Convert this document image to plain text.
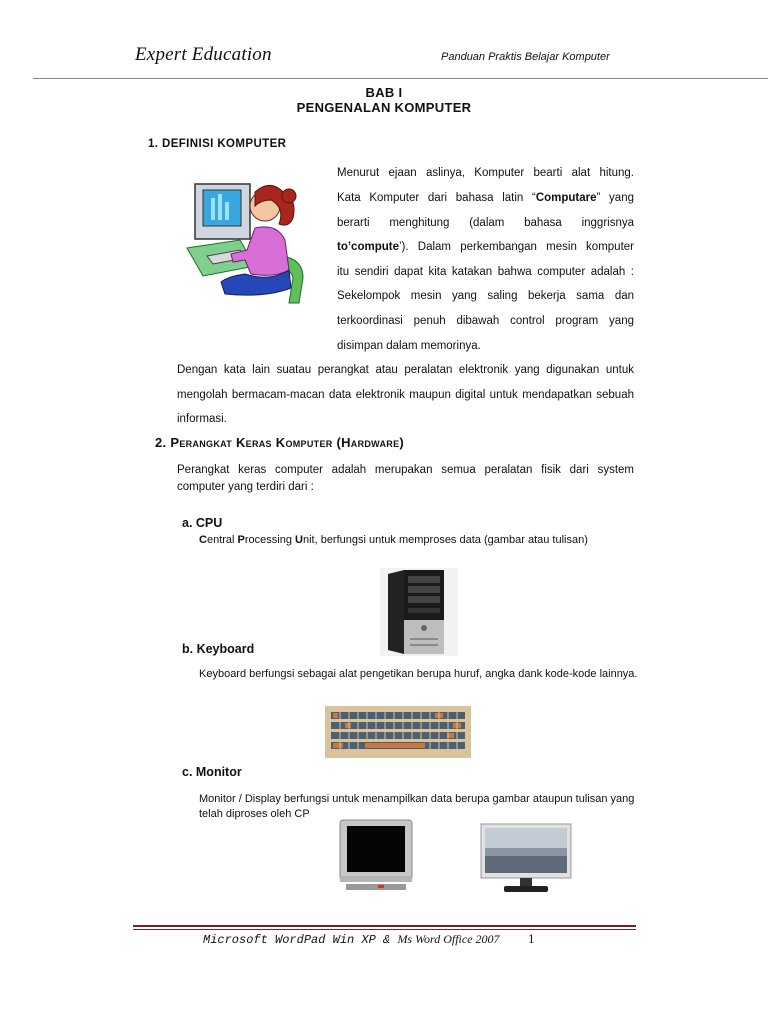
Expert Education	Panduan Praktis Belajar Komputer
BAB I
PENGENALAN KOMPUTER
1. DEFINISI KOMPUTER
Menurut ejaan aslinya, Komputer bearti alat hitung.
Kata Komputer dari bahasa latin “Computare” yang
berarti menghitung (dalam bahasa inggrisnya
to’compute’). Dalam perkembangan mesin komputer
itu sendiri dapat kita katakan bahwa computer adalah :
Sekelompok mesin yang saling bekerja sama dan
terkoordinasi penuh dibawah control program yang
disimpan dalam memorinya.
Dengan kata lain suatau perangkat atau peralatan elektronik yang digunakan untuk mengolah bermacam-macan data elektronik maupun digital untuk mendapatkan sebuah informasi.
2. Perangkat Keras Komputer (Hardware)
Perangkat keras computer adalah merupakan semua peralatan fisik dari system computer yang terdiri dari :
a. CPU
Central Processing Unit, berfungsi untuk memproses data (gambar atau tulisan)
b. Keyboard
Keyboard berfungsi sebagai alat pengetikan berupa huruf, angka dank kode-kode lainnya.
c. Monitor
Monitor / Display berfungsi untuk menampilkan data berupa gambar ataupun tulisan yang telah diproses oleh CP
Microsoft WordPad Win XP & Ms Word Office 2007 1
